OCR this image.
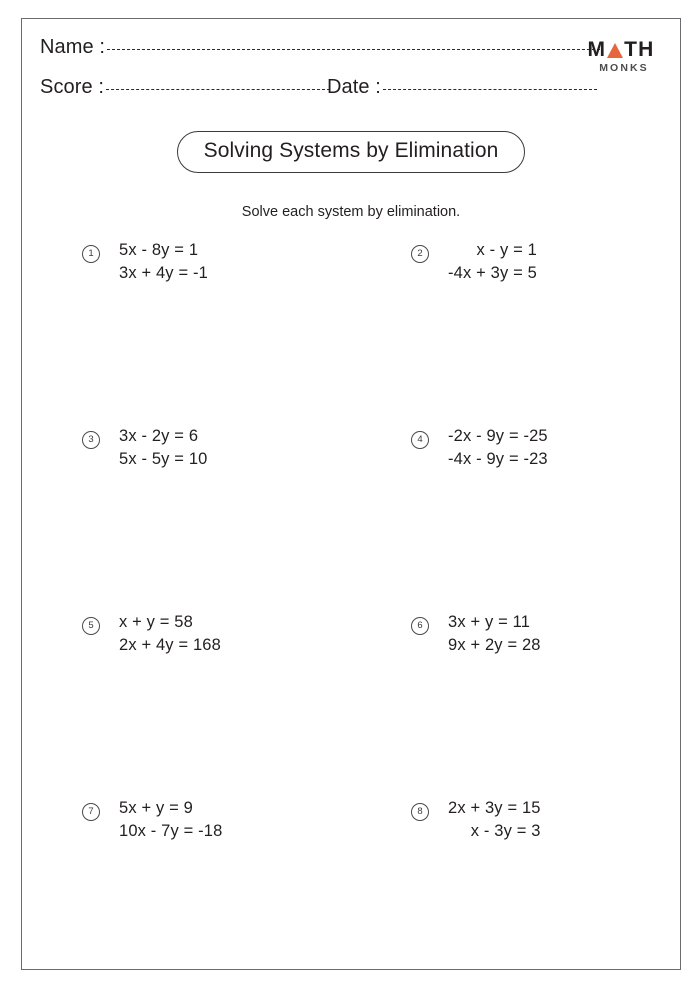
Name :
Score :	Date :
M TH
MONKS
Solving Systems by Elimination
Solve each system by elimination.
1	5x - 8y = 1
3x + 4y = -1
2	x - y = 1
-4x + 3y = 5
3	3x - 2y = 6
5x - 5y = 10
4	-2x - 9y = -25
-4x - 9y = -23
5	x + y = 58
2x + 4y = 168
6	3x + y = 11
9x + 2y = 28
7	5x + y = 9
10x - 7y = -18
8	2x + 3y = 15
x - 3y = 3
